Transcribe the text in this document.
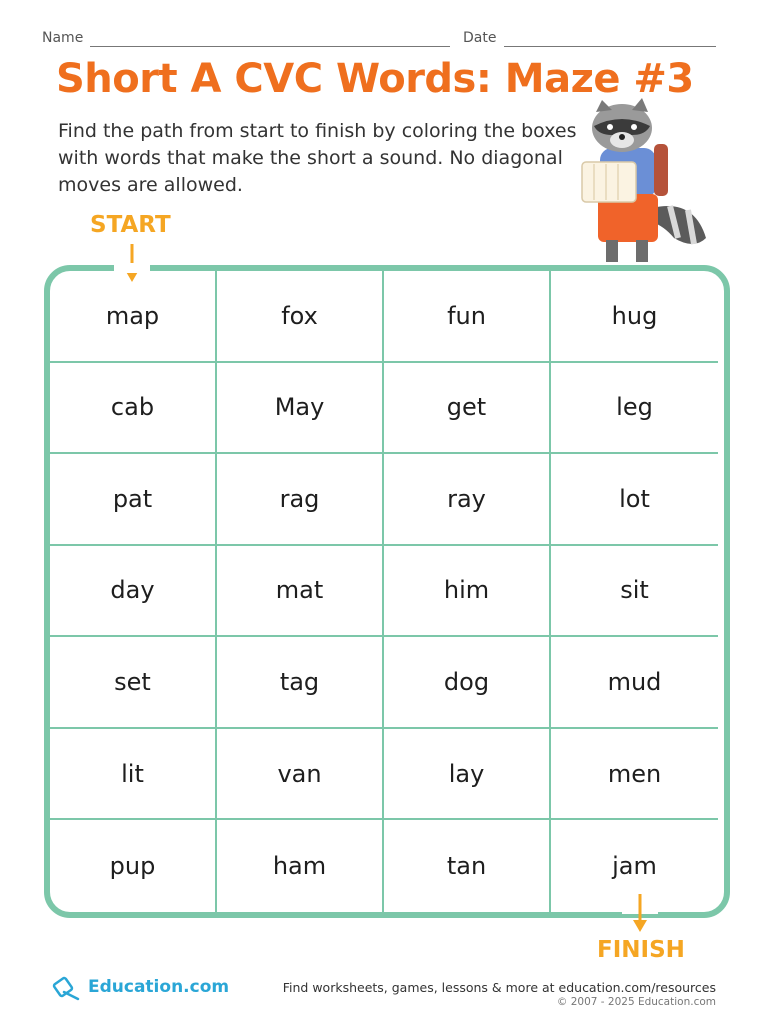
Name	Date
Short A CVC Words: Maze #3
Find the path from start to finish by coloring the boxes with words that make the short a sound. No diagonal moves are allowed.
START
map	fox	fun	hug
cab	May	get	leg
pat	rag	ray	lot
day	mat	him	sit
set	tag	dog	mud
lit	van	lay	men
pup	ham	tan	jam
FINISH
Education.com	Find worksheets, games, lessons & more at education.com/resources
© 2007 - 2025 Education.com
